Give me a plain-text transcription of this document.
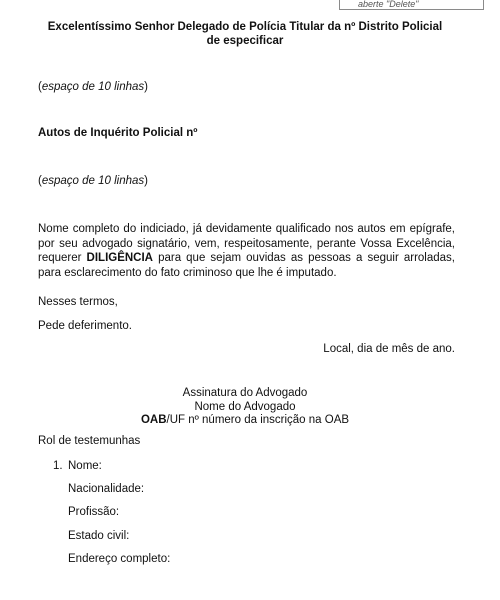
aberte "Delete"
Excelentíssimo Senhor Delegado de Polícia Titular da nº Distrito Policial
de especificar
(espaço de 10 linhas)
Autos de Inquérito Policial nº
(espaço de 10 linhas)
Nome completo do indiciado, já devidamente qualificado nos autos em epígrafe, por seu advogado signatário, vem, respeitosamente, perante Vossa Excelência, requerer DILIGÊNCIA para que sejam ouvidas as pessoas a seguir arroladas, para esclarecimento do fato criminoso que lhe é imputado.
Nesses termos,
Pede deferimento.
Local, dia de mês de ano.
Assinatura do Advogado
Nome do Advogado
OAB/UF nº número da inscrição na OAB
Rol de testemunhas
1. Nome:
Nacionalidade:
Profissão:
Estado civil:
Endereço completo:
